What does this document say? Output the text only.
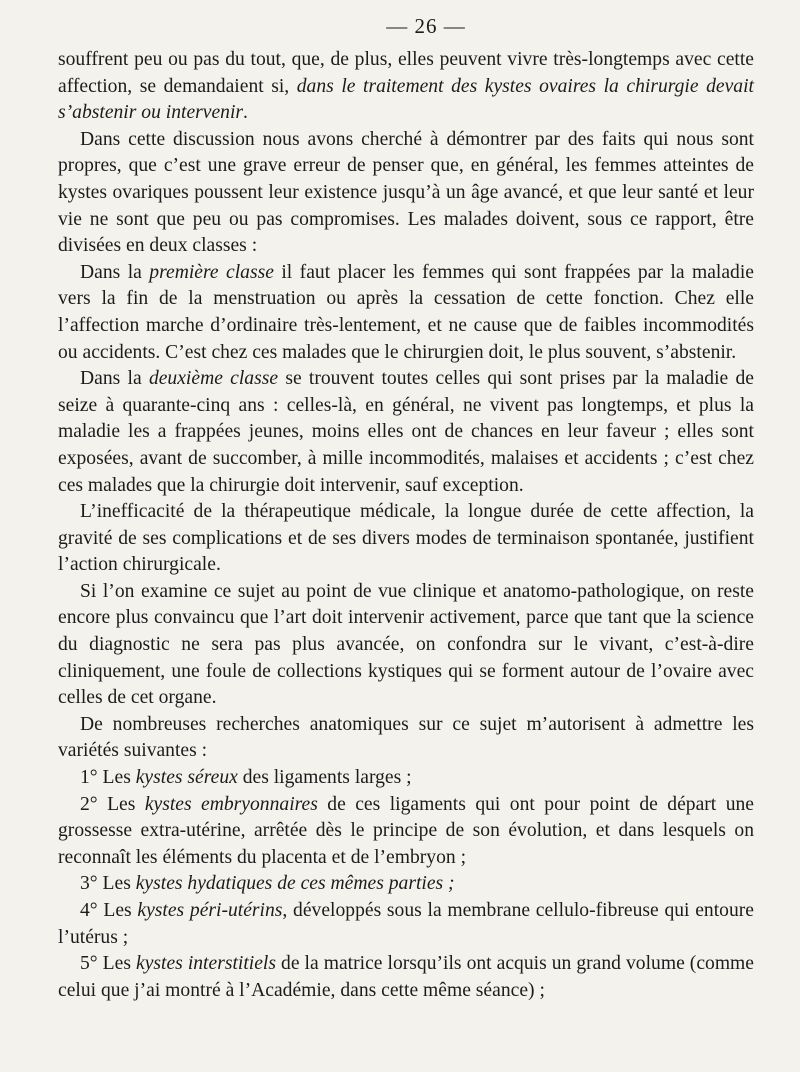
— 26 —

souffrent peu ou pas du tout, que, de plus, elles peuvent vivre très-longtemps avec cette affection, se demandaient si, dans le traitement des kystes ovaires la chirurgie devait s’abstenir ou intervenir.

Dans cette discussion nous avons cherché à démontrer par des faits qui nous sont propres, que c’est une grave erreur de penser que, en général, les femmes atteintes de kystes ovariques poussent leur existence jusqu’à un âge avancé, et que leur santé et leur vie ne sont que peu ou pas compromises. Les malades doivent, sous ce rapport, être divisées en deux classes :

Dans la première classe il faut placer les femmes qui sont frappées par la maladie vers la fin de la menstruation ou après la cessation de cette fonction. Chez elle l’affection marche d’ordinaire très-lentement, et ne cause que de faibles incommodités ou accidents. C’est chez ces malades que le chirurgien doit, le plus souvent, s’abstenir.

Dans la deuxième classe se trouvent toutes celles qui sont prises par la maladie de seize à quarante-cinq ans : celles-là, en général, ne vivent pas longtemps, et plus la maladie les a frappées jeunes, moins elles ont de chances en leur faveur ; elles sont exposées, avant de succomber, à mille incommodités, malaises et accidents ; c’est chez ces malades que la chirurgie doit intervenir, sauf exception.

L’inefficacité de la thérapeutique médicale, la longue durée de cette affection, la gravité de ses complications et de ses divers modes de terminaison spontanée, justifient l’action chirurgicale.

Si l’on examine ce sujet au point de vue clinique et anatomo-pathologique, on reste encore plus convaincu que l’art doit intervenir activement, parce que tant que la science du diagnostic ne sera pas plus avancée, on confondra sur le vivant, c’est-à-dire cliniquement, une foule de collections kystiques qui se forment autour de l’ovaire avec celles de cet organe.

De nombreuses recherches anatomiques sur ce sujet m’autorisent à admettre les variétés suivantes :

1° Les kystes séreux des ligaments larges ;

2° Les kystes embryonnaires de ces ligaments qui ont pour point de départ une grossesse extra-utérine, arrêtée dès le principe de son évolution, et dans lesquels on reconnaît les éléments du placenta et de l’embryon ;

3° Les kystes hydatiques de ces mêmes parties ;

4° Les kystes péri-utérins, développés sous la membrane cellulo-fibreuse qui entoure l’utérus ;

5° Les kystes interstitiels de la matrice lorsqu’ils ont acquis un grand volume (comme celui que j’ai montré à l’Académie, dans cette même séance) ;
